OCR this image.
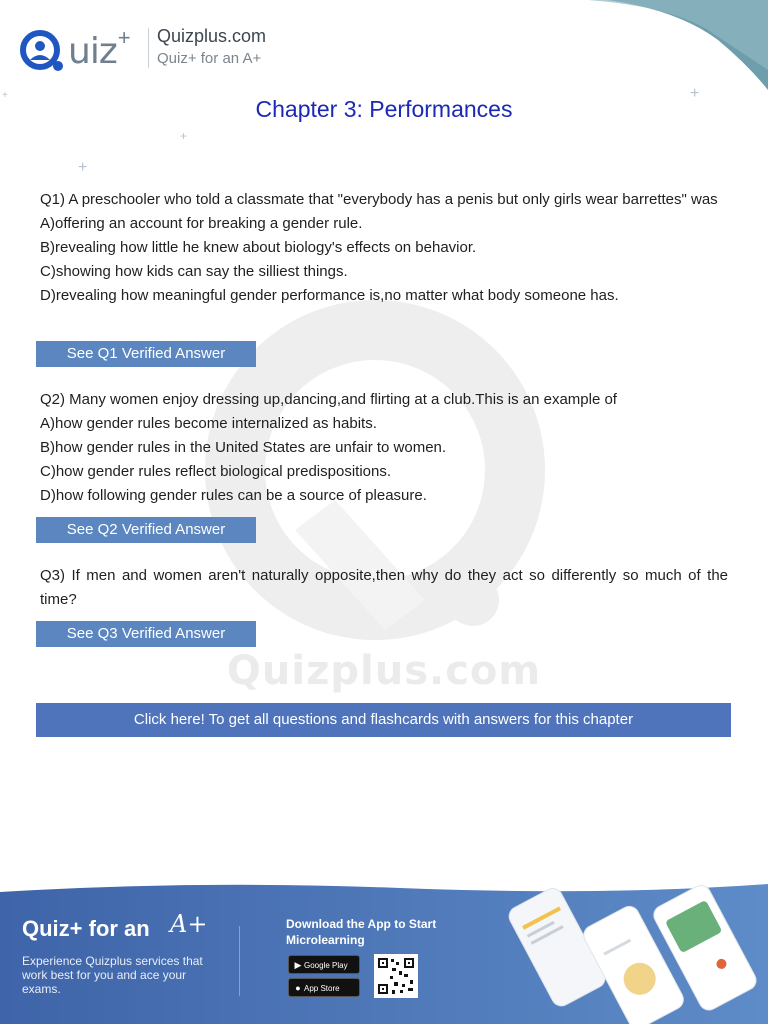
Quizplus.com
+
+
+
+
uiz + Quizplus.com
Quiz+ for an A+
Chapter 3: Performances

Q1) A preschooler who told a classmate that "everybody has a penis but only girls wear barrettes" was

A)offering an account for breaking a gender rule.

B)revealing how little he knew about biology's effects on behavior.

C)showing how kids can say the silliest things.

D)revealing how meaningful gender performance is,no matter what body someone has.

See Q1 Verified Answer

Q2) Many women enjoy dressing up,dancing,and flirting at a club.This is an example of

A)how gender rules become internalized as habits.

B)how gender rules in the United States are unfair to women.

C)how gender rules reflect biological predispositions.

D)how following gender rules can be a source of pleasure.

See Q2 Verified Answer

Q3) If men and women aren't naturally opposite,then why do they act so differently so much of the time?

See Q3 Verified Answer
Click here! To get all questions and flashcards with answers for this chapter
Quiz+ for an A+
Experience Quizplus services that work best for you and ace your exams.
Download the App to Start Microlearning
▶ Google Play
● App Store
